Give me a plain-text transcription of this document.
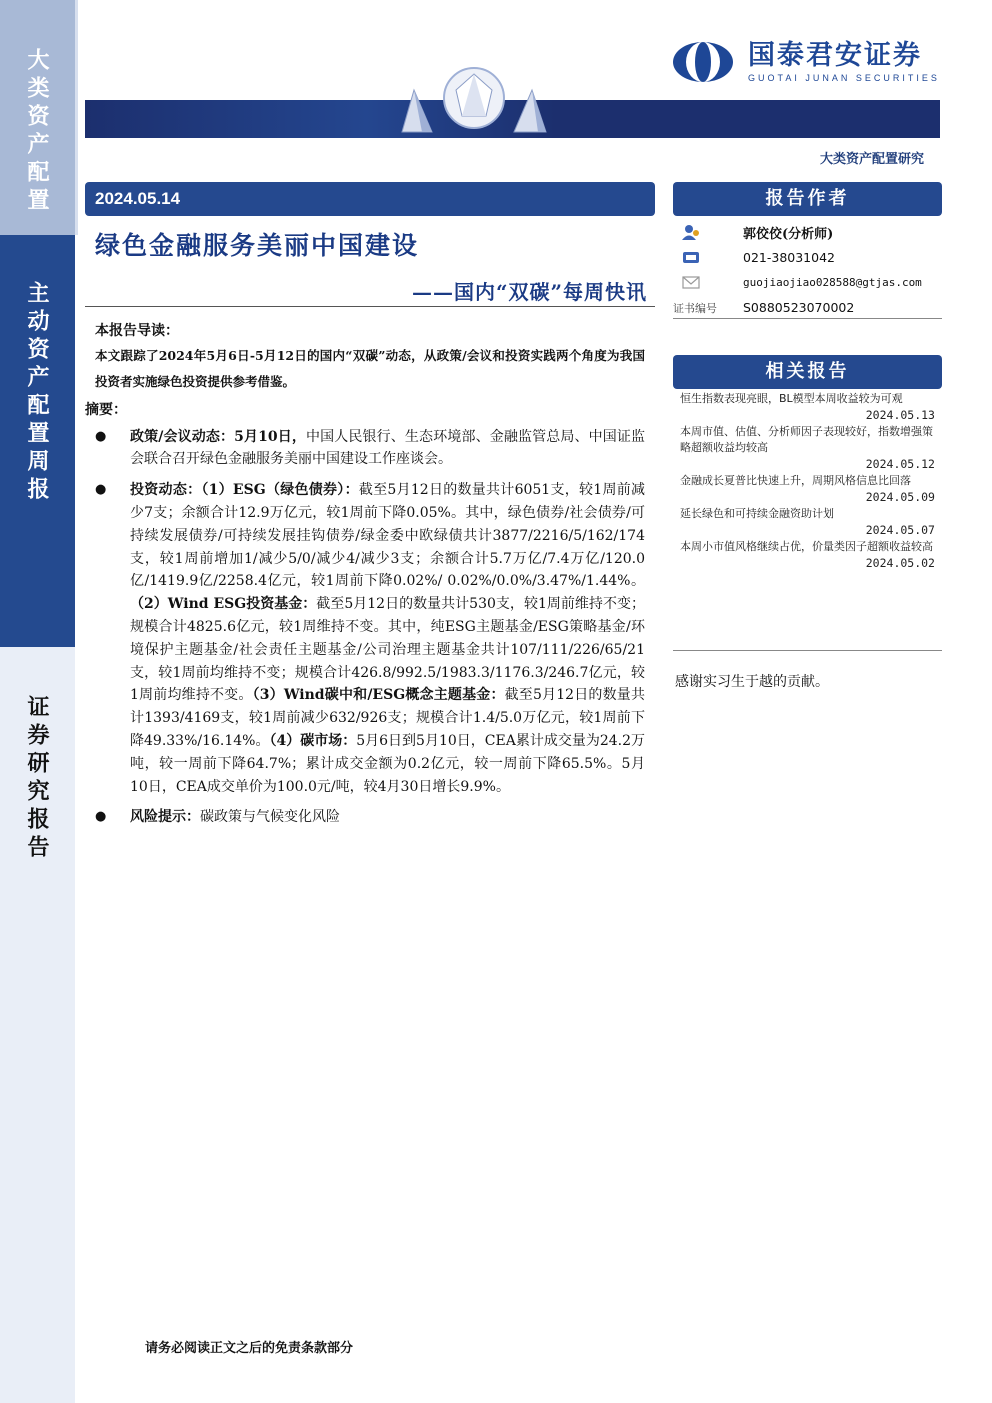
大类资产配置
主动资产配置周报
证券研究报告
国泰君安证券
GUOTAI JUNAN SECURITIES
大类资产配置研究
2024.05.14
绿色金融服务美丽中国建设
——国内“双碳”每周快讯
本报告导读：
本文跟踪了2024年5月6日-5月12日的国内“双碳”动态，从政策/会议和投资实践两个角度为我国投资者实施绿色投资提供参考借鉴。
摘要：
● 政策/会议动态：5月10日，中国人民银行、生态环境部、金融监管总局、中国证监会联合召开绿色金融服务美丽中国建设工作座谈会。
● 投资动态：（1）ESG（绿色债券）：截至5月12日的数量共计6051支，较1周前减少7支；余额合计12.9万亿元，较1周前下降0.05%。其中，绿色债券/社会债券/可持续发展债券/可持续发展挂钩债券/绿金委中欧绿债共计3877/2216/5/162/174支，较1周前增加1/减少5/0/减少4/减少3支；余额合计5.7万亿/7.4万亿/120.0亿/1419.9亿/2258.4亿元，较1周前下降0.02%/ 0.02%/0.0%/3.47%/1.44%。 （2）Wind ESG投资基金：截至5月12日的数量共计530支，较1周前维持不变；规模合计4825.6亿元，较1周维持不变。其中，纯ESG主题基金/ESG策略基金/环境保护主题基金/社会责任主题基金/公司治理主题基金共计107/111/226/65/21支，较1周前均维持不变；规模合计426.8/992.5/1983.3/1176.3/246.7亿元，较1周前均维持不变。（3）Wind碳中和/ESG概念主题基金：截至5月12日的数量共计1393/4169支，较1周前减少632/926支；规模合计1.4/5.0万亿元，较1周前下降49.33%/16.14%。（4）碳市场：5月6日到5月10日，CEA累计成交量为24.2万吨，较一周前下降64.7%；累计成交金额为0.2亿元，较一周前下降65.5%。5月10日，CEA成交单价为100.0元/吨，较4月30日增长9.9%。
● 风险提示：碳政策与气候变化风险
报告作者
郭佼佼(分析师)
021-38031042
guojiaojiao028588@gtjas.com
证书编号 S0880523070002
相关报告
恒生指数表现亮眼，BL模型本周收益较为可观
2024.05.13
本周市值、估值、分析师因子表现较好，指数增强策略超额收益均较高
2024.05.12
金融成长夏普比快速上升，周期风格信息比回落
2024.05.09
延长绿色和可持续金融资助计划
2024.05.07
本周小市值风格继续占优，价量类因子超额收益较高
2024.05.02
感谢实习生于越的贡献。
请务必阅读正文之后的免责条款部分
